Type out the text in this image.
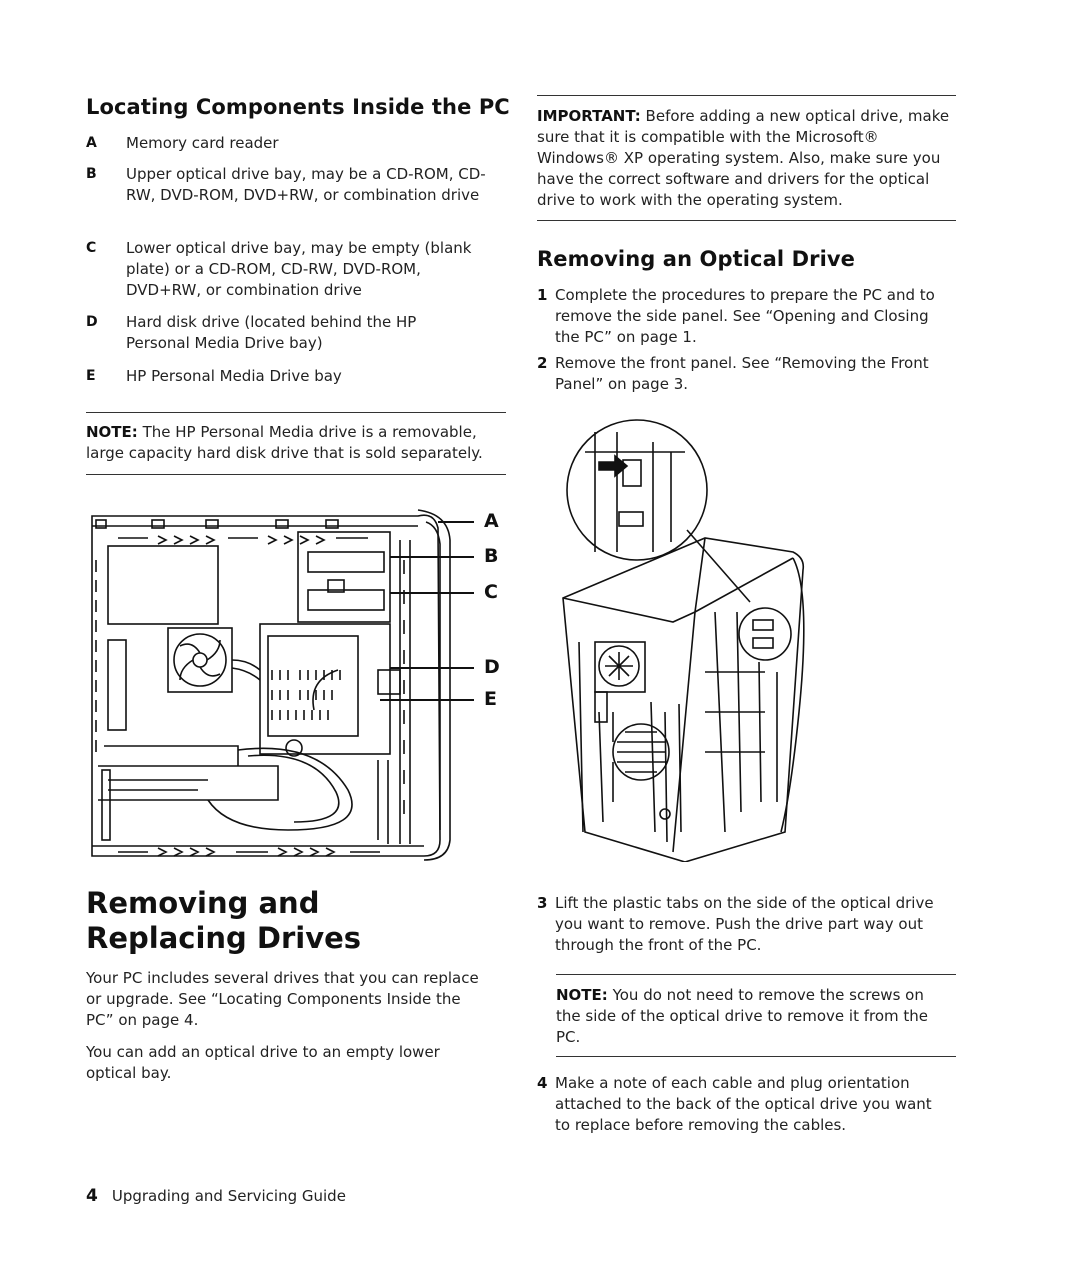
Locating Components Inside the PC
A Memory card reader
B Upper optical drive bay, may be a CD-ROM, CD-RW, DVD-ROM, DVD+RW, or combination drive
C Lower optical drive bay, may be empty (blank plate) or a CD-ROM, CD-RW, DVD-ROM, DVD+RW, or combination drive
D Hard disk drive (located behind the HP Personal Media Drive bay)
E HP Personal Media Drive bay
NOTE: The HP Personal Media drive is a removable, large capacity hard disk drive that is sold separately.
A
B
C
D
E
Removing and Replacing Drives
Your PC includes several drives that you can replace or upgrade. See “Locating Components Inside the PC” on page 4.
You can add an optical drive to an empty lower optical bay.
IMPORTANT: Before adding a new optical drive, make sure that it is compatible with the Microsoft® Windows® XP operating system. Also, make sure you have the correct software and drivers for the optical drive to work with the operating system.
Removing an Optical Drive
1 Complete the procedures to prepare the PC and to remove the side panel. See “Opening and Closing the PC” on page 1.
2 Remove the front panel. See “Removing the Front Panel” on page 3.
3 Lift the plastic tabs on the side of the optical drive you want to remove. Push the drive part way out through the front of the PC.
NOTE: You do not need to remove the screws on the side of the optical drive to remove it from the PC.
4 Make a note of each cable and plug orientation attached to the back of the optical drive you want to replace before removing the cables.
4 Upgrading and Servicing Guide
